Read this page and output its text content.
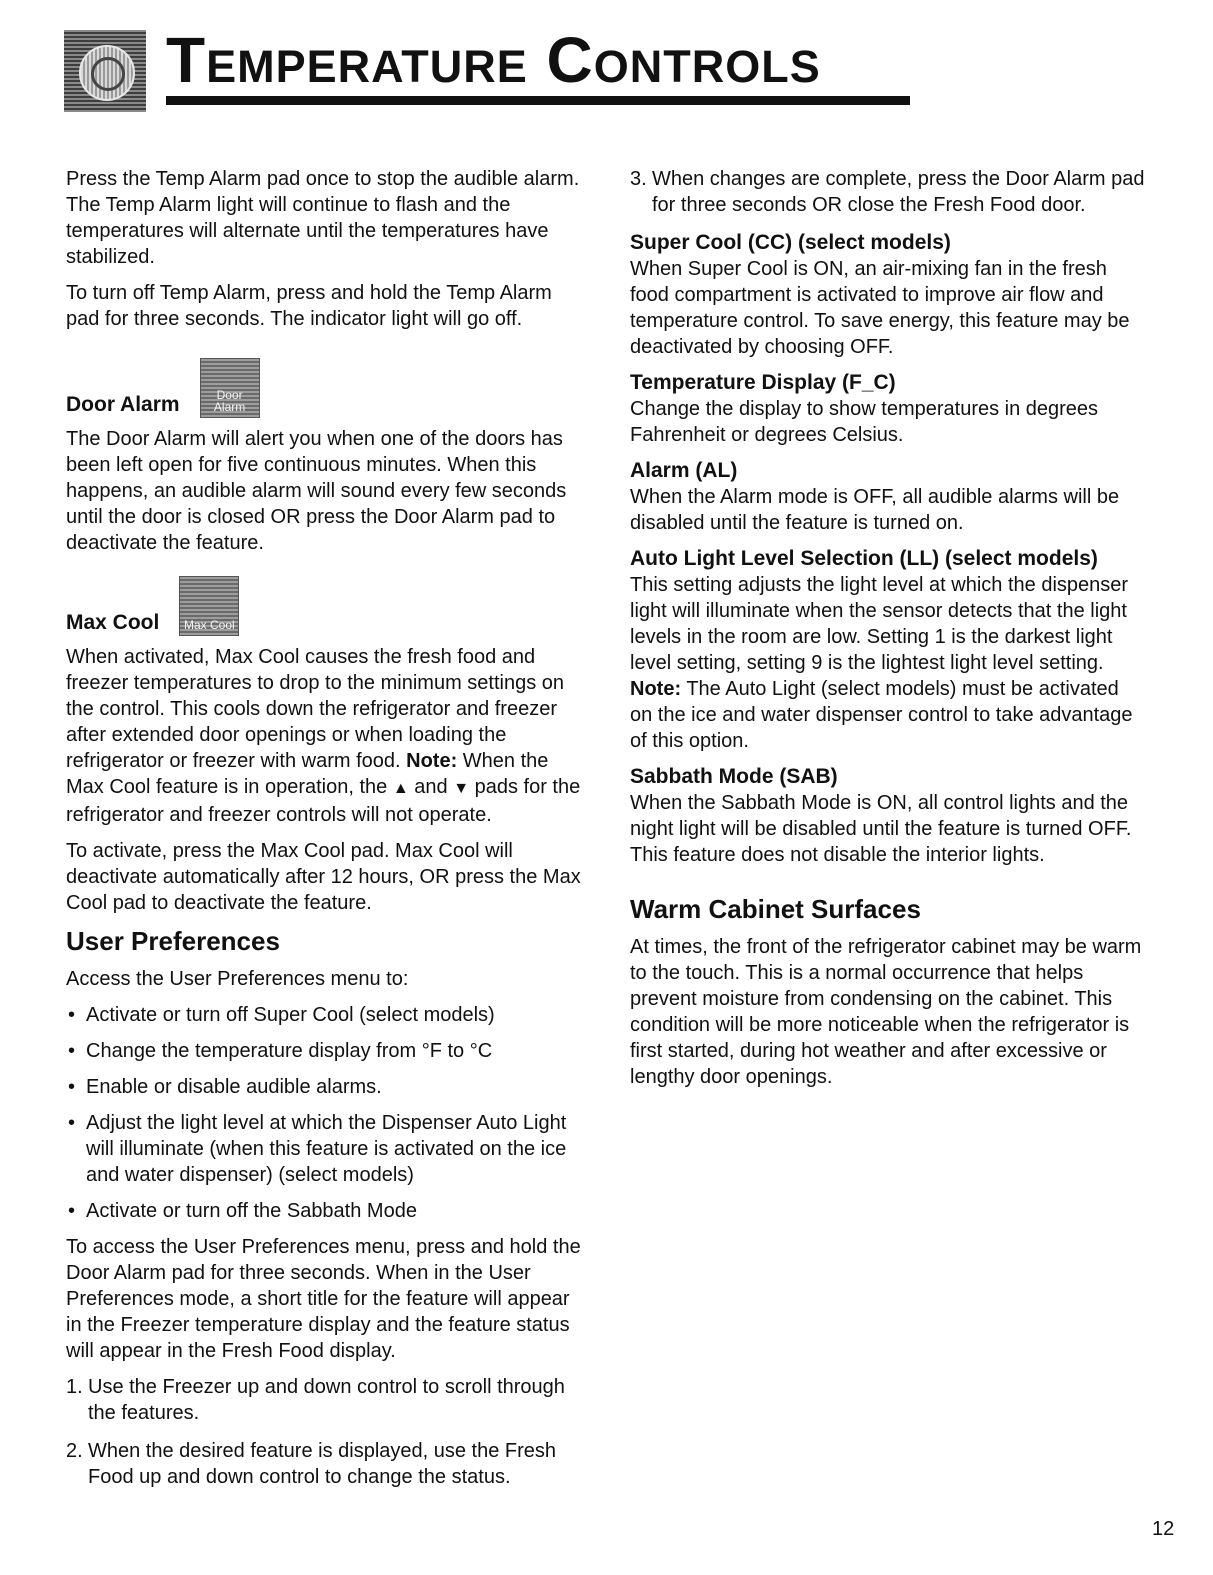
Temperature Controls

Press the Temp Alarm pad once to stop the audible alarm. The Temp Alarm light will continue to flash and the temperatures will alternate until the temperatures have stabilized.

To turn off Temp Alarm, press and hold the Temp Alarm pad for three seconds. The indicator light will go off.

Door Alarm	Door Alarm

The Door Alarm will alert you when one of the doors has been left open for five continuous minutes. When this happens, an audible alarm will sound every few seconds until the door is closed OR press the Door Alarm pad to deactivate the feature.

Max Cool	Max Cool

When activated, Max Cool causes the fresh food and freezer temperatures to drop to the minimum settings on the control. This cools down the refrigerator and freezer after extended door openings or when loading the refrigerator or freezer with warm food. Note: When the Max Cool feature is in operation, the ▲ and ▼ pads for the refrigerator and freezer controls will not operate.

To activate, press the Max Cool pad. Max Cool will deactivate automatically after 12 hours, OR press the Max Cool pad to deactivate the feature.

User Preferences

Access the User Preferences menu to:

• Activate or turn off Super Cool (select models)
• Change the temperature display from °F to °C
• Enable or disable audible alarms.
• Adjust the light level at which the Dispenser Auto Light will illuminate (when this feature is activated on the ice and water dispenser) (select models)
• Activate or turn off the Sabbath Mode

To access the User Preferences menu, press and hold the Door Alarm pad for three seconds. When in the User Preferences mode, a short title for the feature will appear in the Freezer temperature display and the feature status will appear in the Fresh Food display.

1. Use the Freezer up and down control to scroll through the features.
2. When the desired feature is displayed, use the Fresh Food up and down control to change the status.
3. When changes are complete, press the Door Alarm pad for three seconds OR close the Fresh Food door.
Super Cool (CC) (select models)

When Super Cool is ON, an air-mixing fan in the fresh food compartment is activated to improve air flow and temperature control. To save energy, this feature may be deactivated by choosing OFF.

Temperature Display (F_C)

Change the display to show temperatures in degrees Fahrenheit or degrees Celsius.

Alarm (AL)

When the Alarm mode is OFF, all audible alarms will be disabled until the feature is turned on.

Auto Light Level Selection (LL) (select models)

This setting adjusts the light level at which the dispenser light will illuminate when the sensor detects that the light levels in the room are low. Setting 1 is the darkest light level setting, setting 9 is the lightest light level setting. Note: The Auto Light (select models) must be activated on the ice and water dispenser control to take advantage of this option.

Sabbath Mode (SAB)

When the Sabbath Mode is ON, all control lights and the night light will be disabled until the feature is turned OFF. This feature does not disable the interior lights.

Warm Cabinet Surfaces

At times, the front of the refrigerator cabinet may be warm to the touch. This is a normal occurrence that helps prevent moisture from condensing on the cabinet. This condition will be more noticeable when the refrigerator is first started, during hot weather and after excessive or lengthy door openings.

12
